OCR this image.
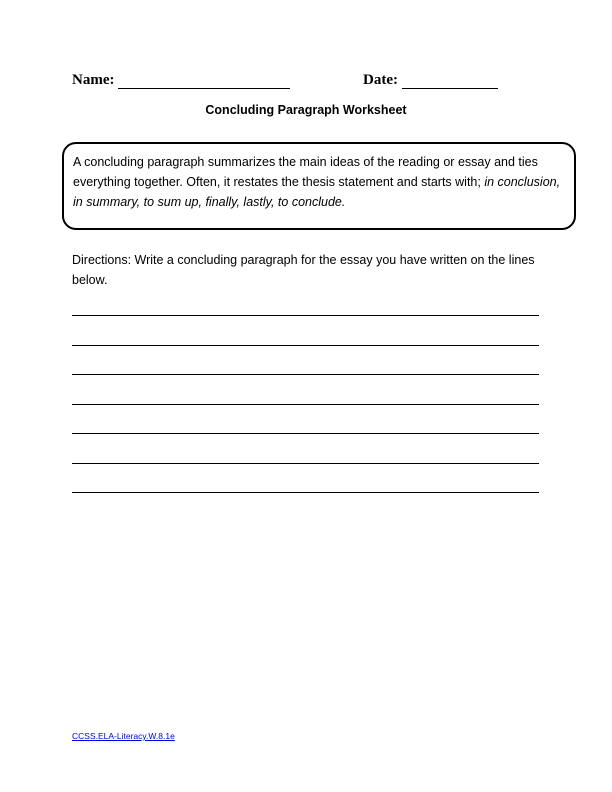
Name:	Date:
Concluding Paragraph Worksheet
A concluding paragraph summarizes the main ideas of the reading or essay and ties everything together. Often, it restates the thesis statement and starts with; in conclusion, in summary, to sum up, finally, lastly, to conclude.
Directions: Write a concluding paragraph for the essay you have written on the lines below.
CCSS.ELA-Literacy.W.8.1e
